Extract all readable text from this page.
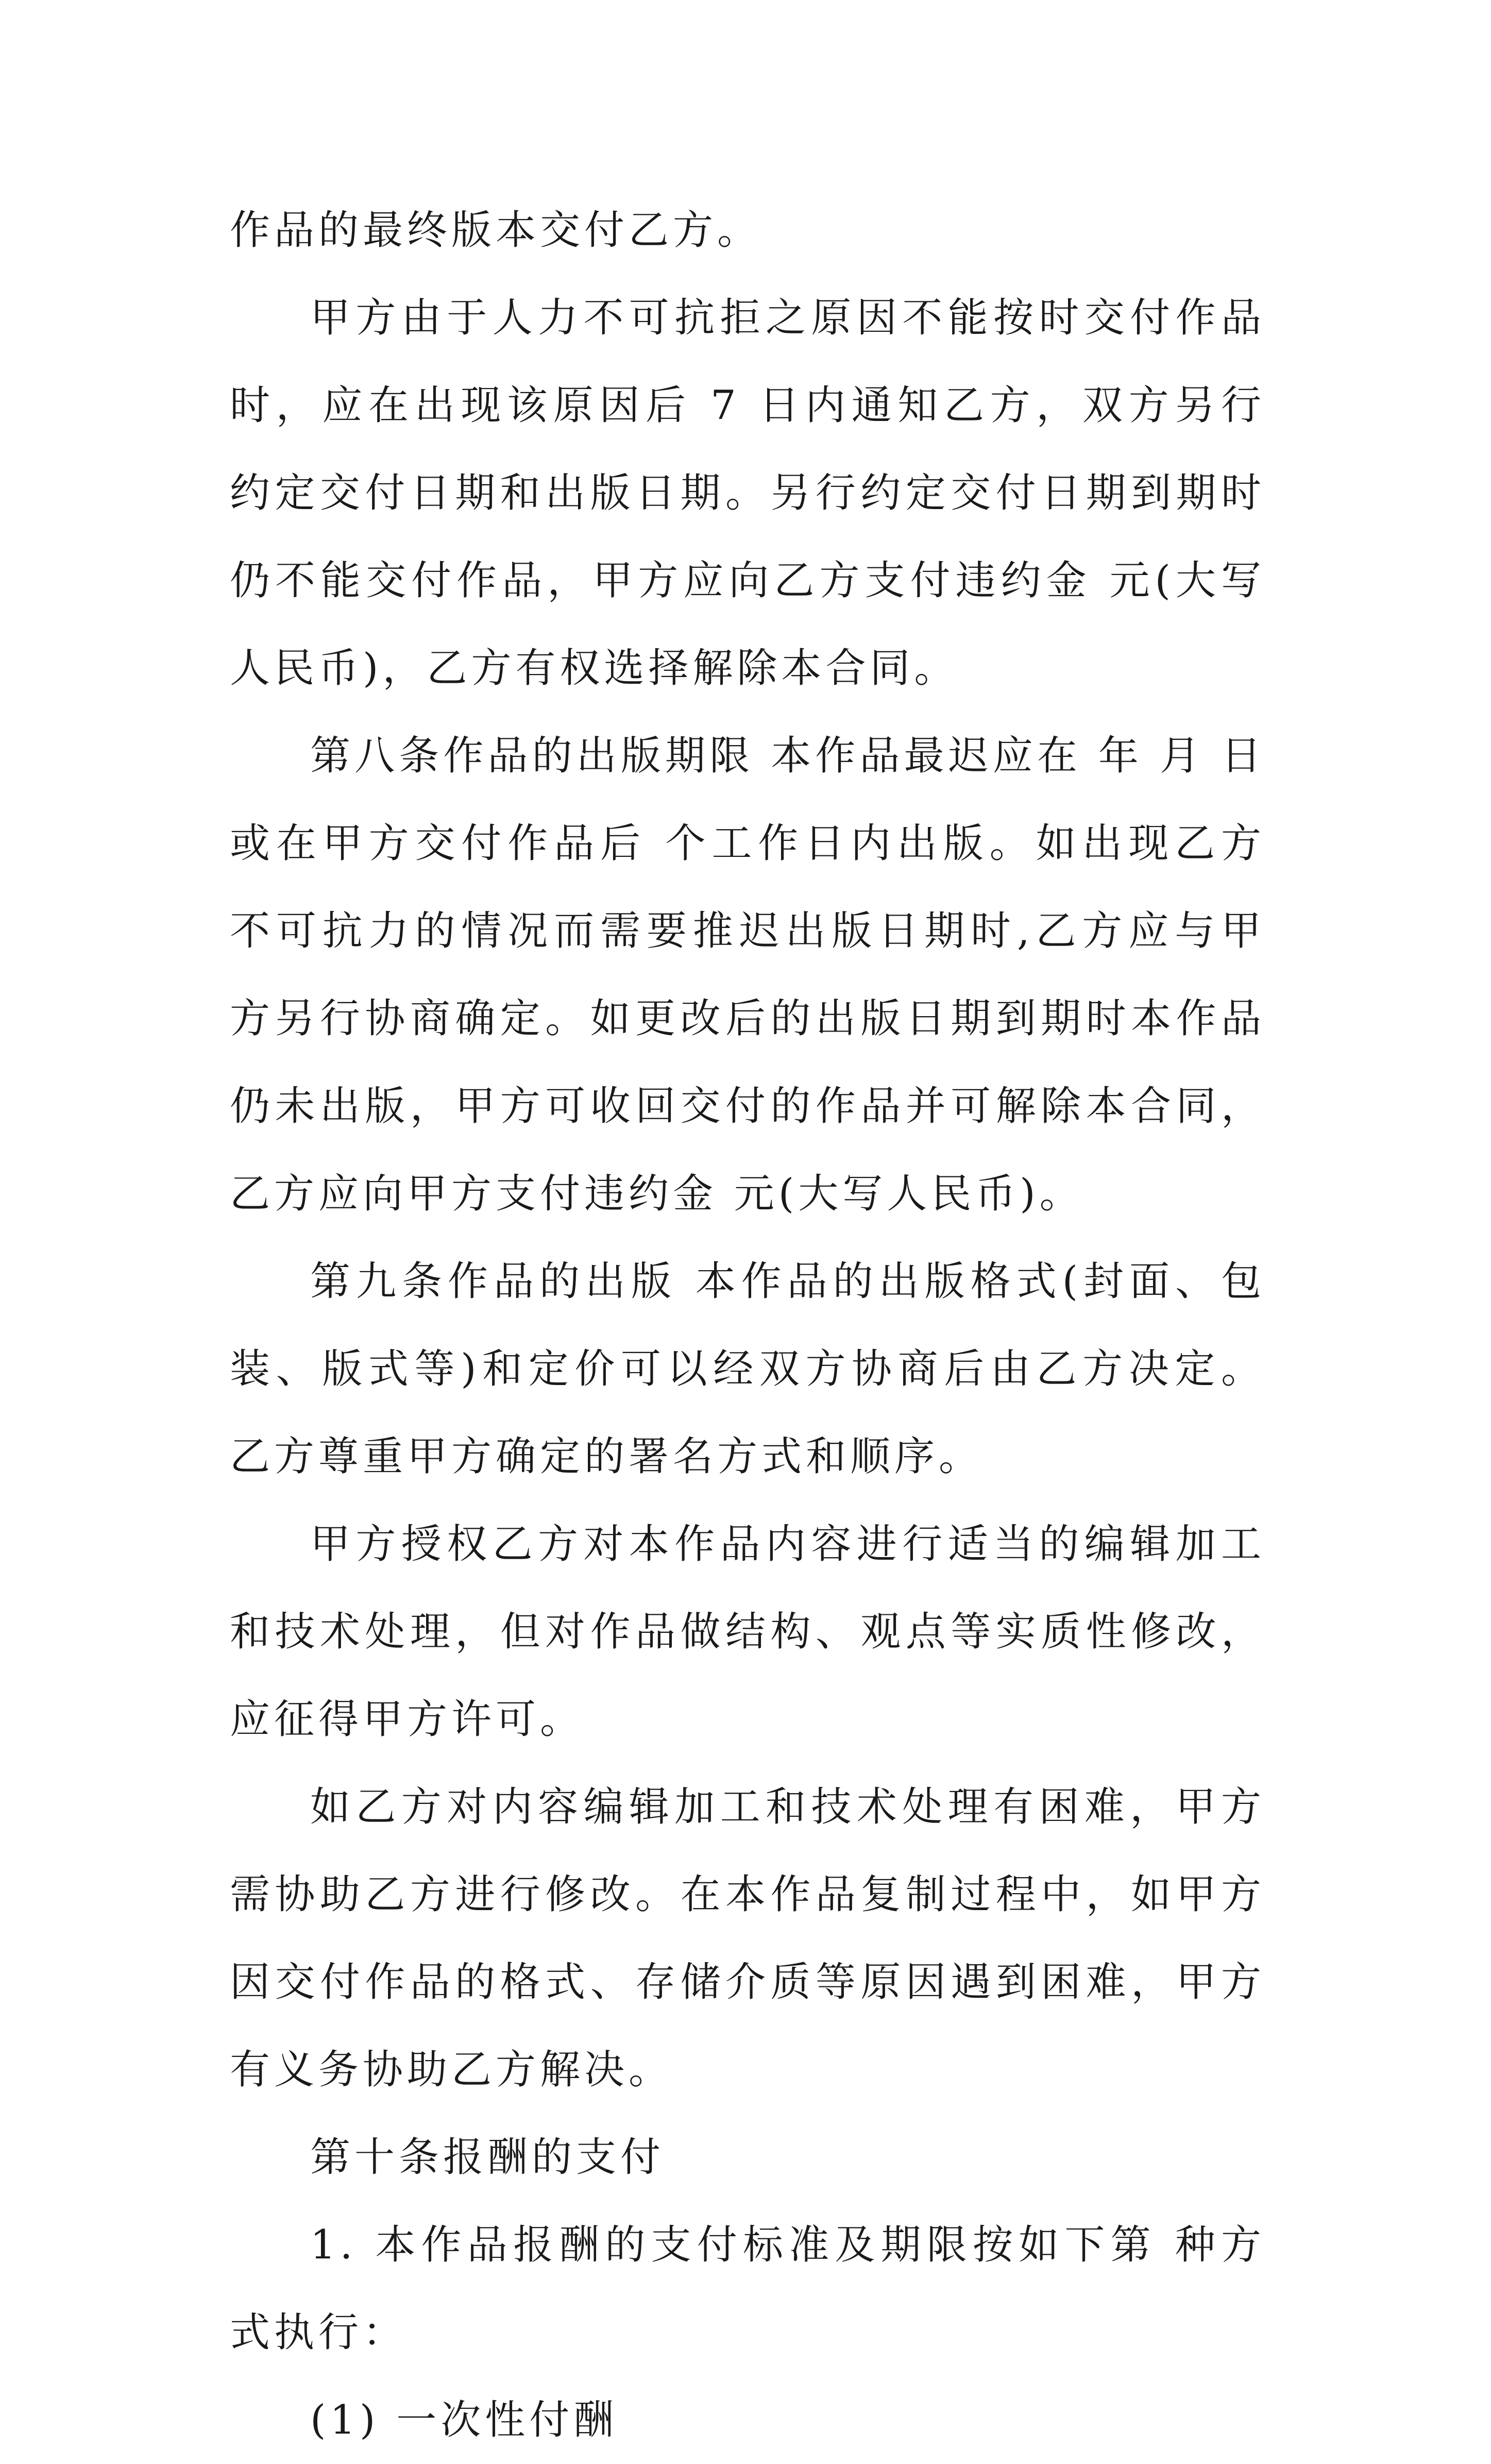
作品的最终版本交付乙方。

甲方由于人力不可抗拒之原因不能按时交付作品时，应在出现该原因后 7 日内通知乙方，双方另行约定交付日期和出版日期。另行约定交付日期到期时仍不能交付作品，甲方应向乙方支付违约金 元(大写人民币)，乙方有权选择解除本合同。

第八条作品的出版期限 本作品最迟应在 年 月 日或在甲方交付作品后 个工作日内出版。如出现乙方不可抗力的情况而需要推迟出版日期时,乙方应与甲方另行协商确定。如更改后的出版日期到期时本作品仍未出版，甲方可收回交付的作品并可解除本合同，乙方应向甲方支付违约金 元(大写人民币)。

第九条作品的出版 本作品的出版格式(封面、包装、版式等)和定价可以经双方协商后由乙方决定。乙方尊重甲方确定的署名方式和顺序。

甲方授权乙方对本作品内容进行适当的编辑加工和技术处理，但对作品做结构、观点等实质性修改，应征得甲方许可。

如乙方对内容编辑加工和技术处理有困难，甲方需协助乙方进行修改。在本作品复制过程中，如甲方因交付作品的格式、存储介质等原因遇到困难，甲方有义务协助乙方解决。

第十条报酬的支付

1. 本作品报酬的支付标准及期限按如下第 种方式执行：

(1) 一次性付酬
